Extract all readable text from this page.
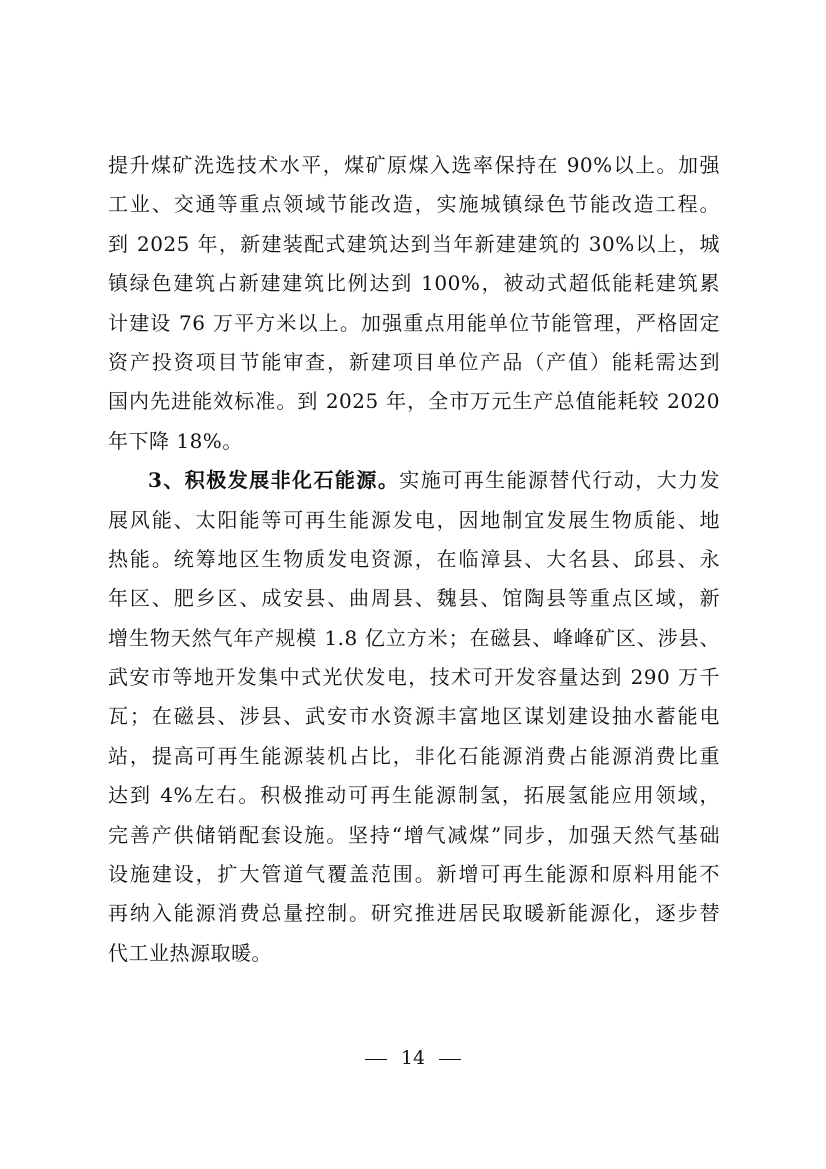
提升煤矿洗选技术水平，煤矿原煤入选率保持在 90%以上。加强
工业、交通等重点领域节能改造，实施城镇绿色节能改造工程。
到 2025 年，新建装配式建筑达到当年新建建筑的 30%以上，城
镇绿色建筑占新建建筑比例达到 100%，被动式超低能耗建筑累
计建设 76 万平方米以上。加强重点用能单位节能管理，严格固定
资产投资项目节能审查，新建项目单位产品（产值）能耗需达到
国内先进能效标准。到 2025 年，全市万元生产总值能耗较 2020
年下降 18%。
3、积极发展非化石能源。实施可再生能源替代行动，大力发
展风能、太阳能等可再生能源发电，因地制宜发展生物质能、地
热能。统筹地区生物质发电资源，在临漳县、大名县、邱县、永
年区、肥乡区、成安县、曲周县、魏县、馆陶县等重点区域，新
增生物天然气年产规模 1.8 亿立方米；在磁县、峰峰矿区、涉县、
武安市等地开发集中式光伏发电，技术可开发容量达到 290 万千
瓦；在磁县、涉县、武安市水资源丰富地区谋划建设抽水蓄能电
站，提高可再生能源装机占比，非化石能源消费占能源消费比重
达到 4%左右。积极推动可再生能源制氢，拓展氢能应用领域，
完善产供储销配套设施。坚持“增气减煤”同步，加强天然气基础
设施建设，扩大管道气覆盖范围。新增可再生能源和原料用能不
再纳入能源消费总量控制。研究推进居民取暖新能源化，逐步替
代工业热源取暖。
14
